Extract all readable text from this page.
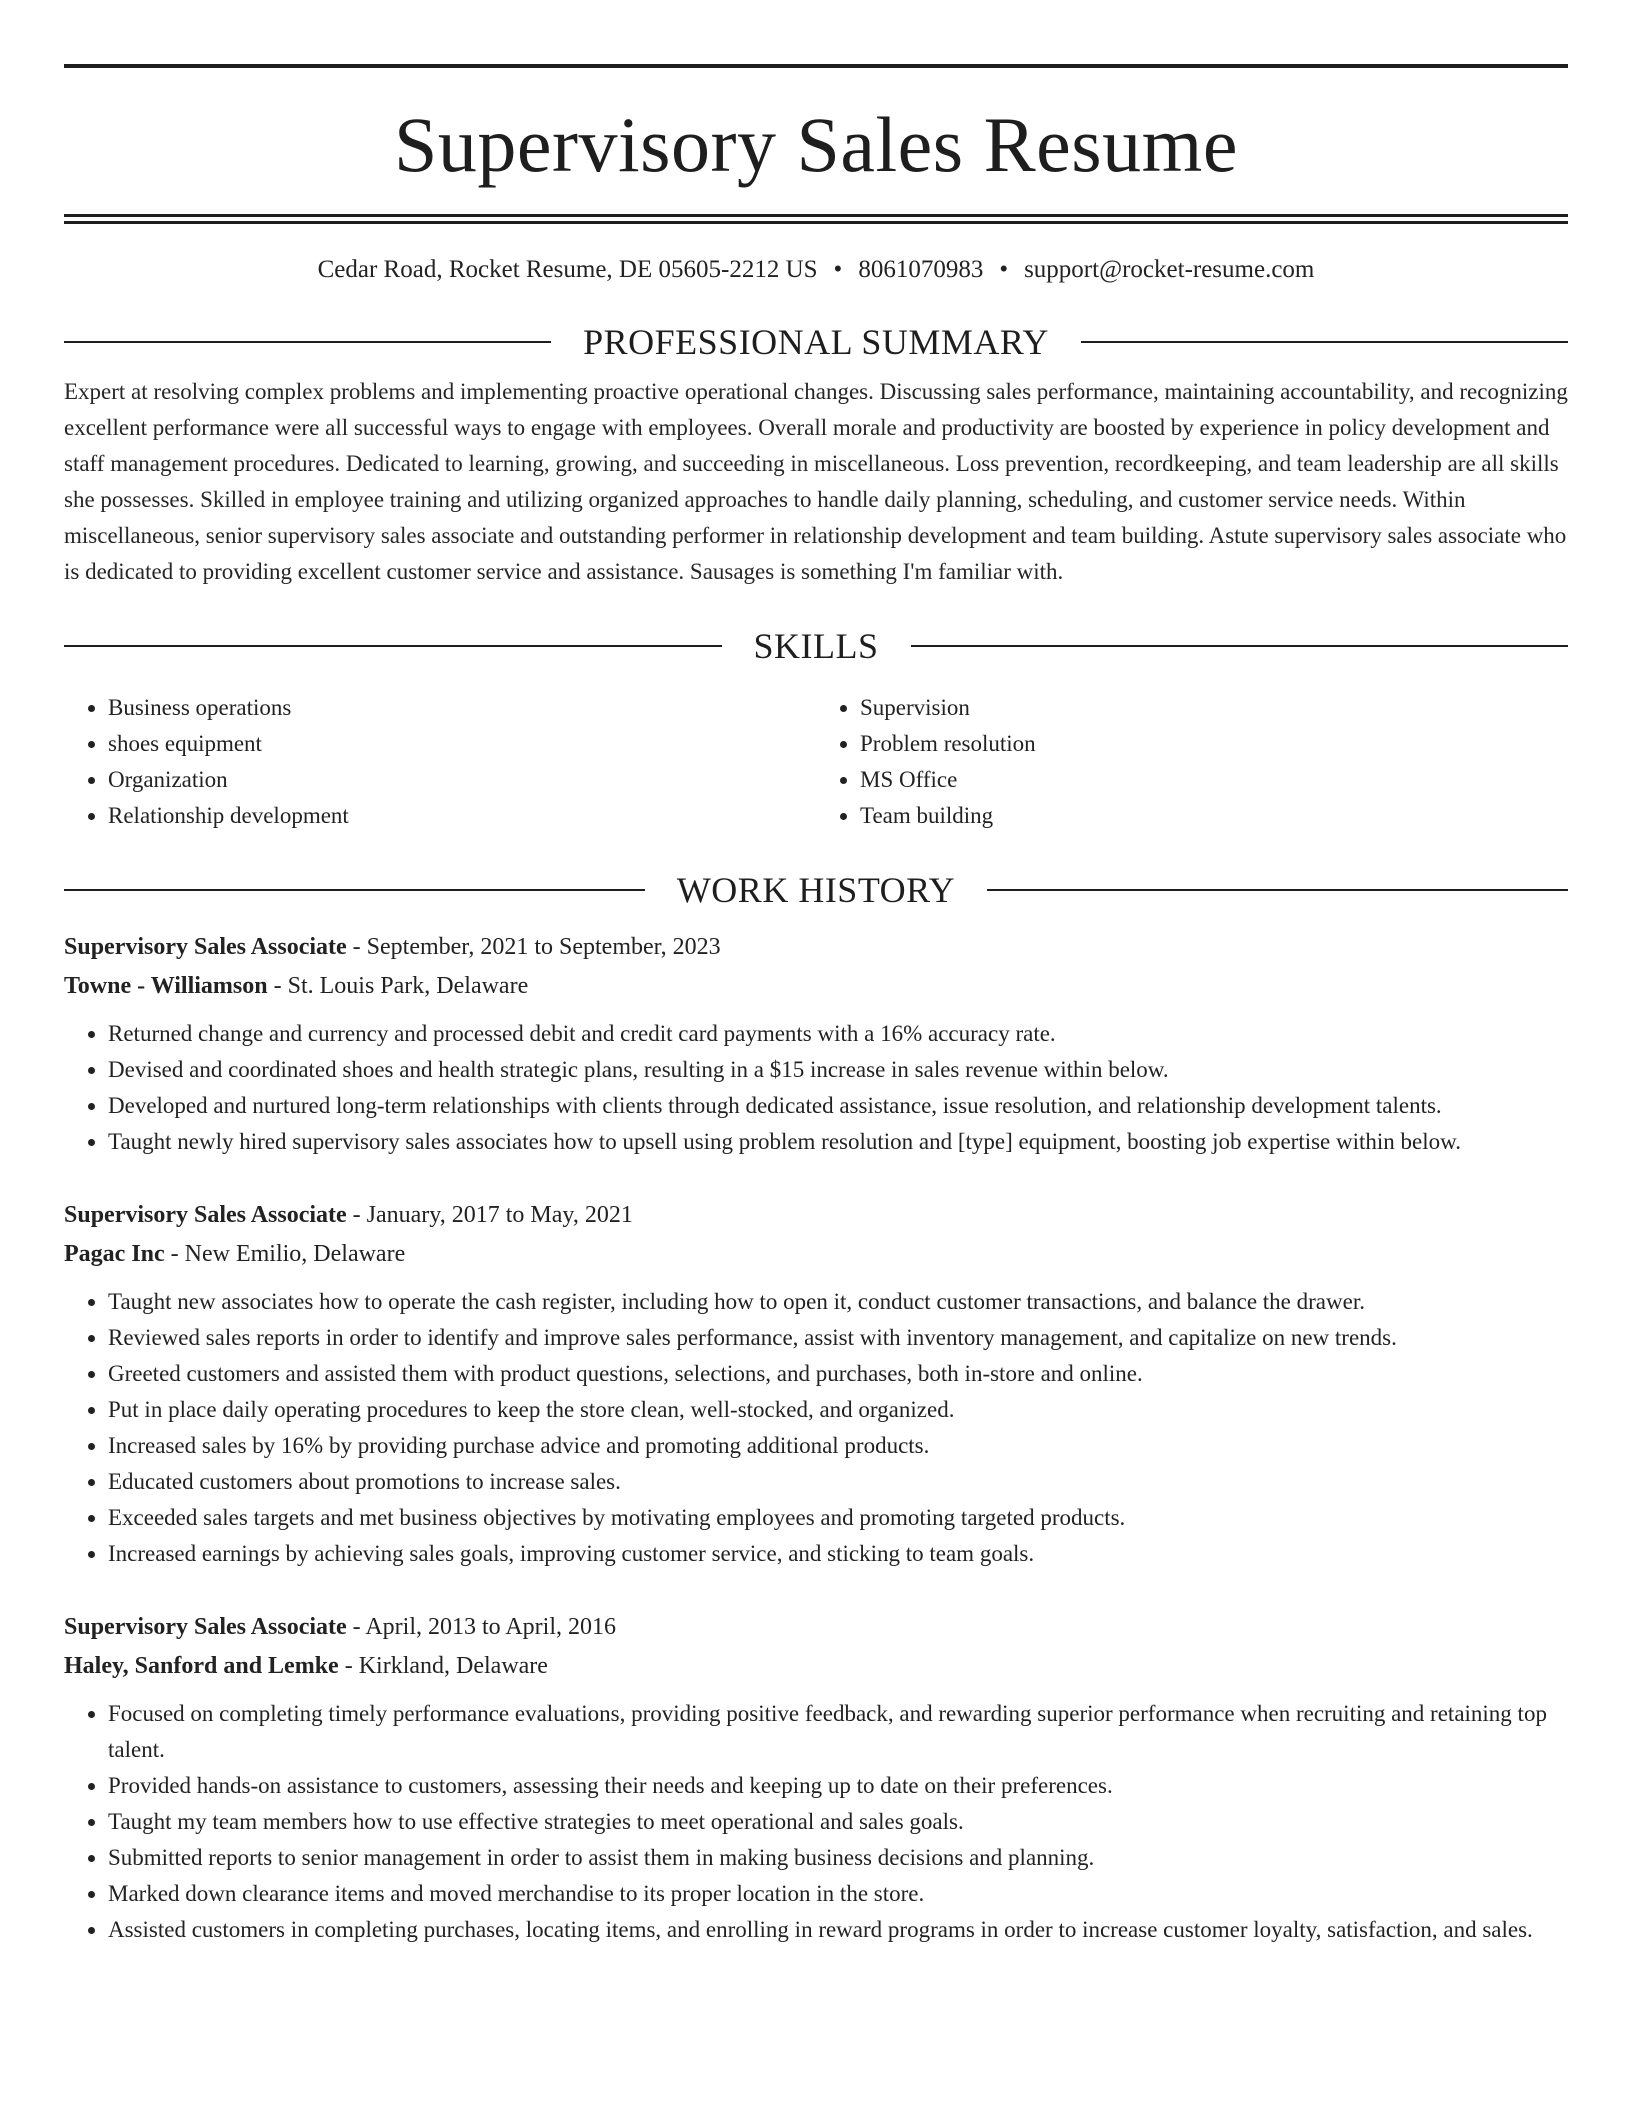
Supervisory Sales Resume
Cedar Road, Rocket Resume, DE 05605-2212 US • 8061070983 • support@rocket-resume.com
PROFESSIONAL SUMMARY
Expert at resolving complex problems and implementing proactive operational changes. Discussing sales performance, maintaining accountability, and recognizing excellent performance were all successful ways to engage with employees. Overall morale and productivity are boosted by experience in policy development and staff management procedures. Dedicated to learning, growing, and succeeding in miscellaneous. Loss prevention, recordkeeping, and team leadership are all skills she possesses. Skilled in employee training and utilizing organized approaches to handle daily planning, scheduling, and customer service needs. Within miscellaneous, senior supervisory sales associate and outstanding performer in relationship development and team building. Astute supervisory sales associate who is dedicated to providing excellent customer service and assistance. Sausages is something I'm familiar with.
SKILLS
• Business operations
• shoes equipment
• Organization
• Relationship development
• Supervision
• Problem resolution
• MS Office
• Team building
WORK HISTORY
Supervisory Sales Associate - September, 2021 to September, 2023
Towne - Williamson - St. Louis Park, Delaware
• Returned change and currency and processed debit and credit card payments with a 16% accuracy rate.
• Devised and coordinated shoes and health strategic plans, resulting in a $15 increase in sales revenue within below.
• Developed and nurtured long-term relationships with clients through dedicated assistance, issue resolution, and relationship development talents.
• Taught newly hired supervisory sales associates how to upsell using problem resolution and [type] equipment, boosting job expertise within below.
Supervisory Sales Associate - January, 2017 to May, 2021
Pagac Inc - New Emilio, Delaware
• Taught new associates how to operate the cash register, including how to open it, conduct customer transactions, and balance the drawer.
• Reviewed sales reports in order to identify and improve sales performance, assist with inventory management, and capitalize on new trends.
• Greeted customers and assisted them with product questions, selections, and purchases, both in-store and online.
• Put in place daily operating procedures to keep the store clean, well-stocked, and organized.
• Increased sales by 16% by providing purchase advice and promoting additional products.
• Educated customers about promotions to increase sales.
• Exceeded sales targets and met business objectives by motivating employees and promoting targeted products.
• Increased earnings by achieving sales goals, improving customer service, and sticking to team goals.
Supervisory Sales Associate - April, 2013 to April, 2016
Haley, Sanford and Lemke - Kirkland, Delaware
• Focused on completing timely performance evaluations, providing positive feedback, and rewarding superior performance when recruiting and retaining top talent.
• Provided hands-on assistance to customers, assessing their needs and keeping up to date on their preferences.
• Taught my team members how to use effective strategies to meet operational and sales goals.
• Submitted reports to senior management in order to assist them in making business decisions and planning.
• Marked down clearance items and moved merchandise to its proper location in the store.
• Assisted customers in completing purchases, locating items, and enrolling in reward programs in order to increase customer loyalty, satisfaction, and sales.
